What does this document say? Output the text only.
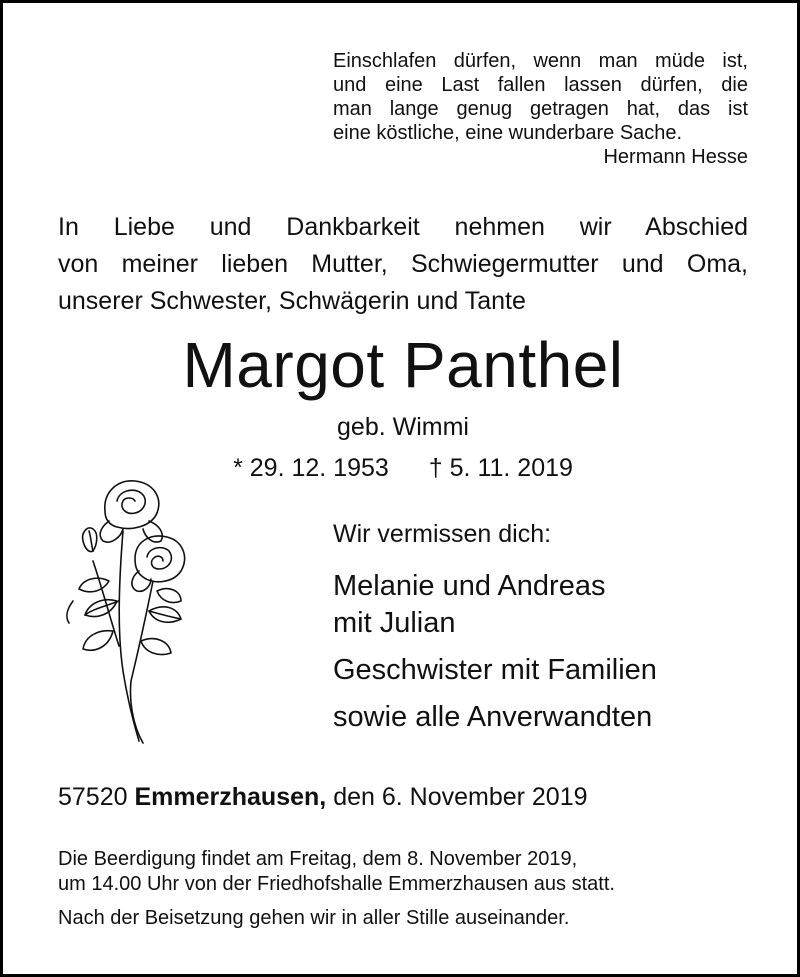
Einschlafen dürfen, wenn man müde ist,
und eine Last fallen lassen dürfen, die
man lange genug getragen hat, das ist
eine köstliche, eine wunderbare Sache.
Hermann Hesse
In Liebe und Dankbarkeit nehmen wir Abschied
von meiner lieben Mutter, Schwiegermutter und Oma,
unserer Schwester, Schwägerin und Tante
Margot Panthel
geb. Wimmi
* 29. 12. 1953 † 5. 11. 2019
Wir vermissen dich:
Melanie und Andreas
mit Julian
Geschwister mit Familien
sowie alle Anverwandten
57520 Emmerzhausen, den 6. November 2019

Die Beerdigung findet am Freitag, dem 8. November 2019,
um 14.00 Uhr von der Friedhofshalle Emmerzhausen aus statt.

Nach der Beisetzung gehen wir in aller Stille auseinander.
